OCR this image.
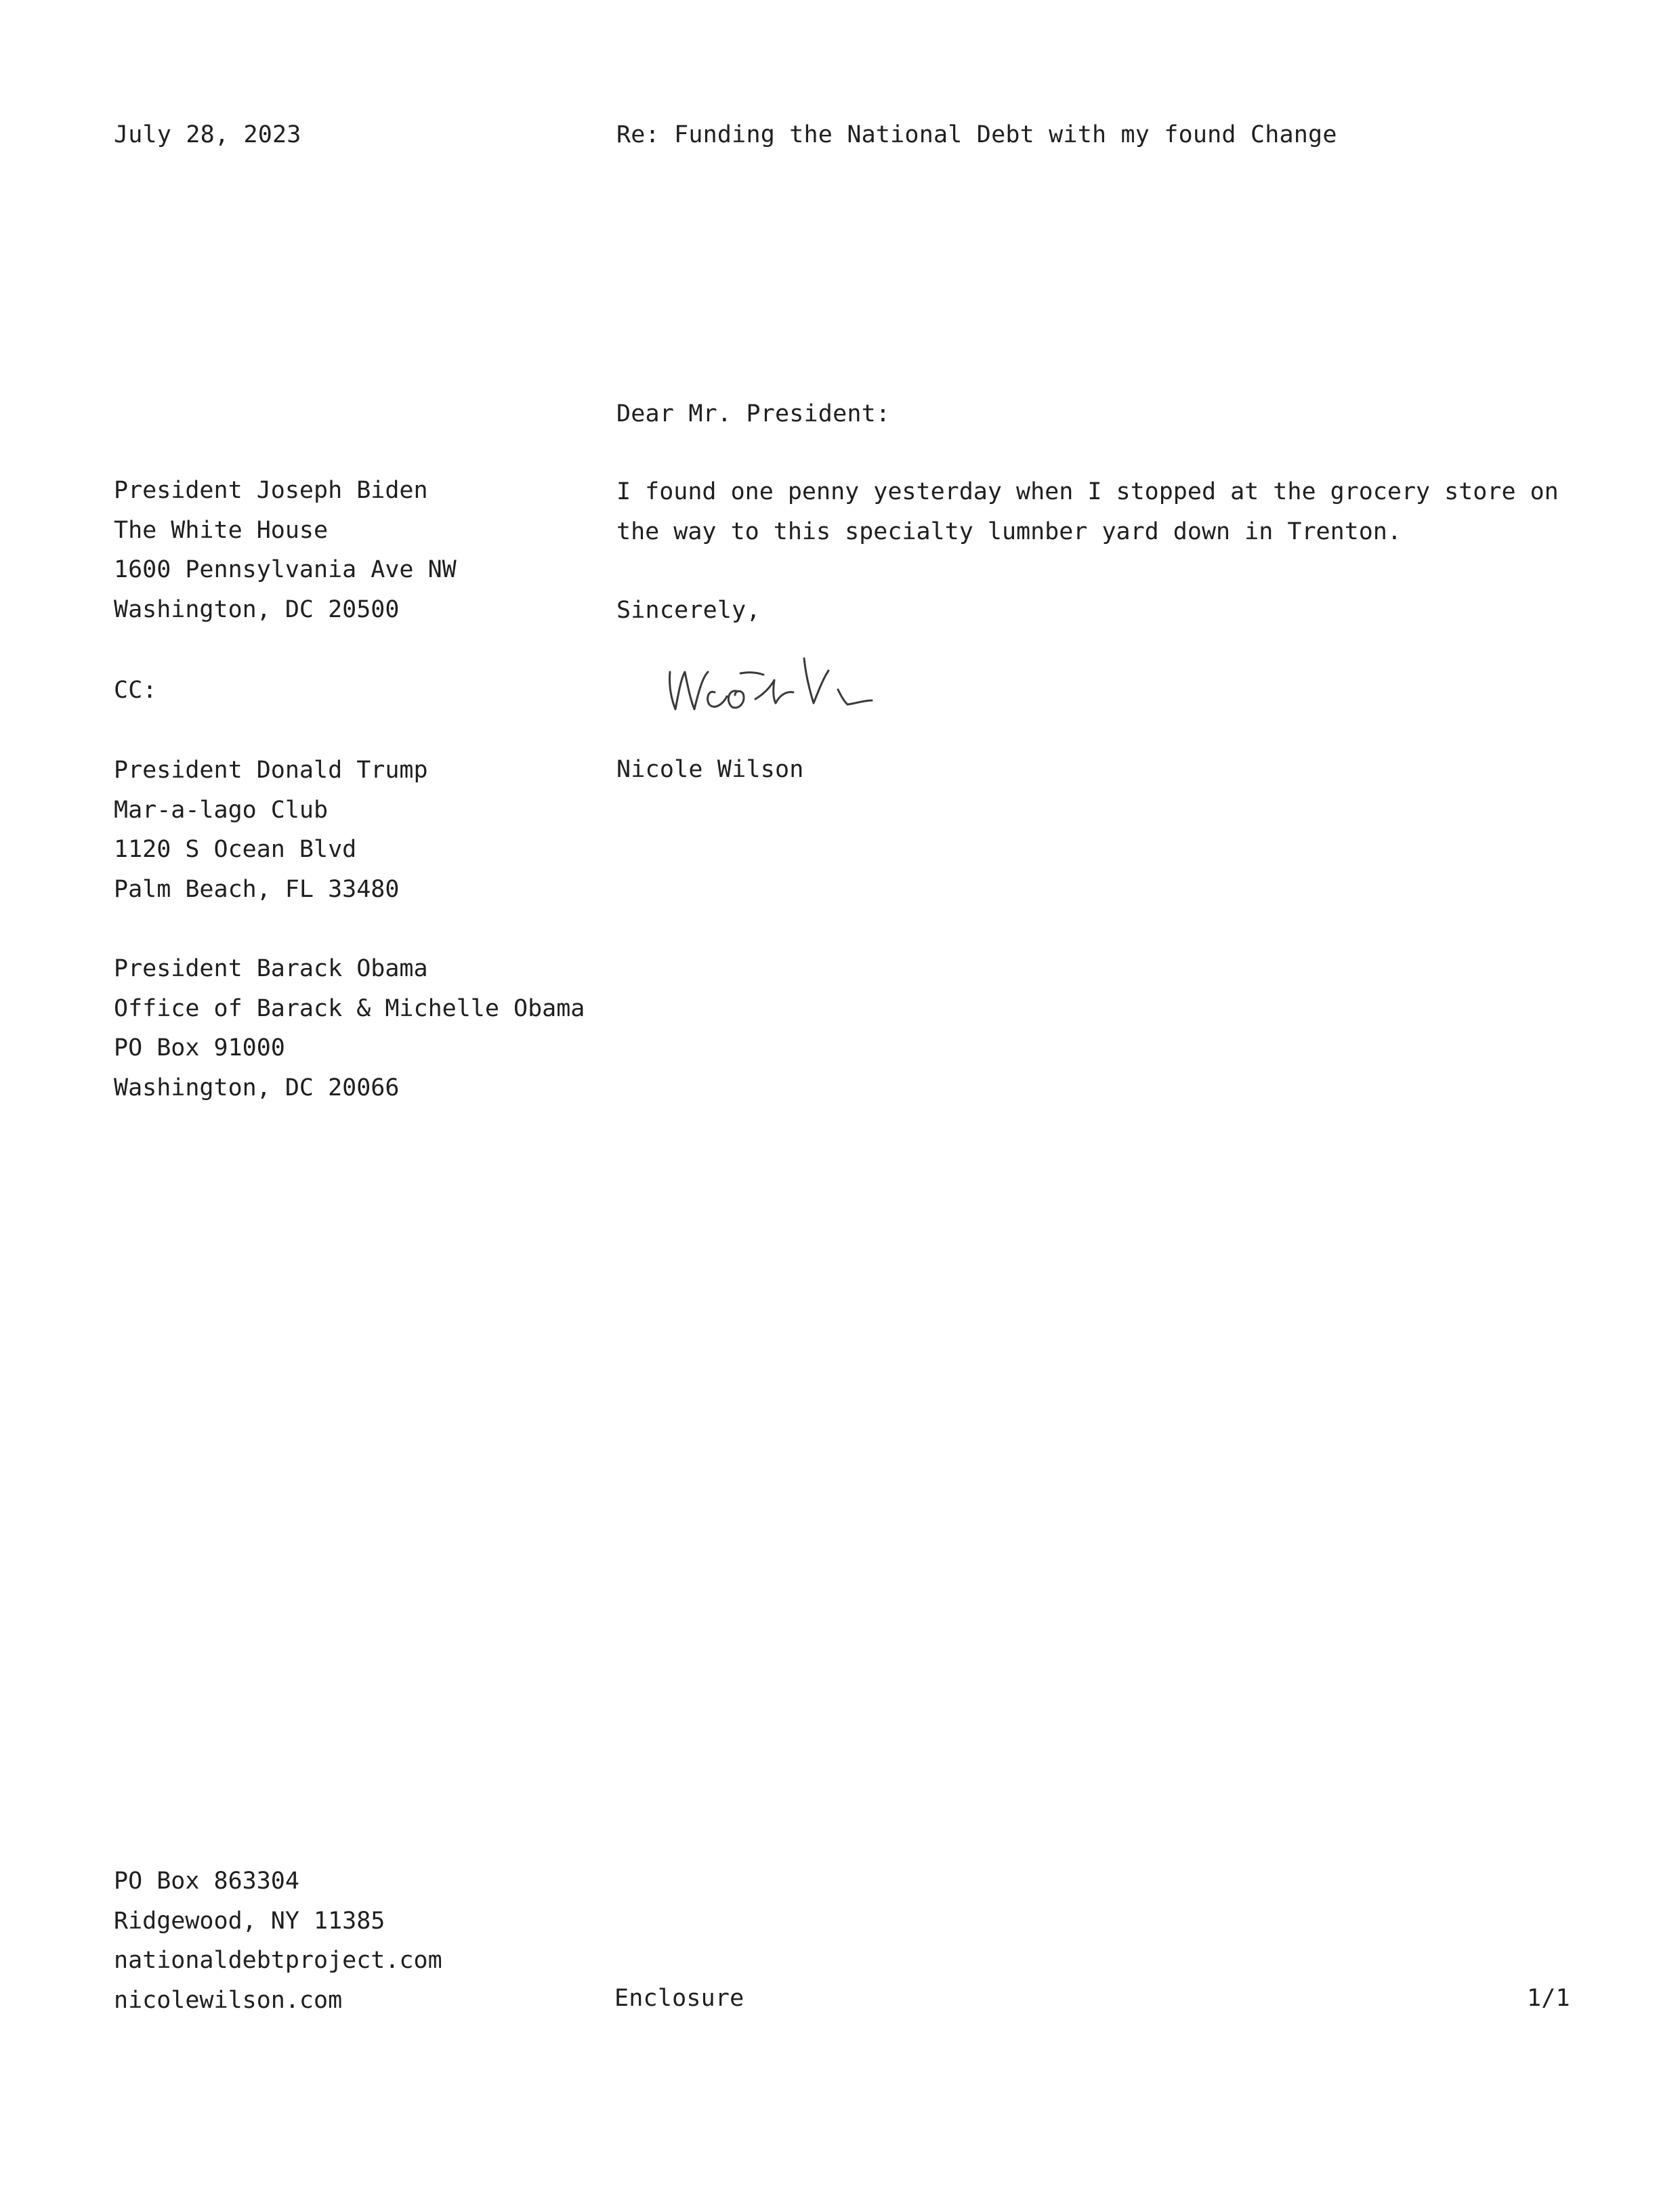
July 28, 2023	Re: Funding the National Debt with my found Change
President Joseph Biden
The White House
1600 Pennsylvania Ave NW
Washington, DC 20500
CC:
President Donald Trump
Mar-a-lago Club
1120 S Ocean Blvd
Palm Beach, FL 33480
President Barack Obama
Office of Barack & Michelle Obama
PO Box 91000
Washington, DC 20066
Dear Mr. President:
I found one penny yesterday when I stopped at the grocery store on
the way to this specialty lumnber yard down in Trenton.
Sincerely,
Nicole Wilson
PO Box 863304
Ridgewood, NY 11385
nationaldebtproject.com
nicolewilson.com	Enclosure	1/1
